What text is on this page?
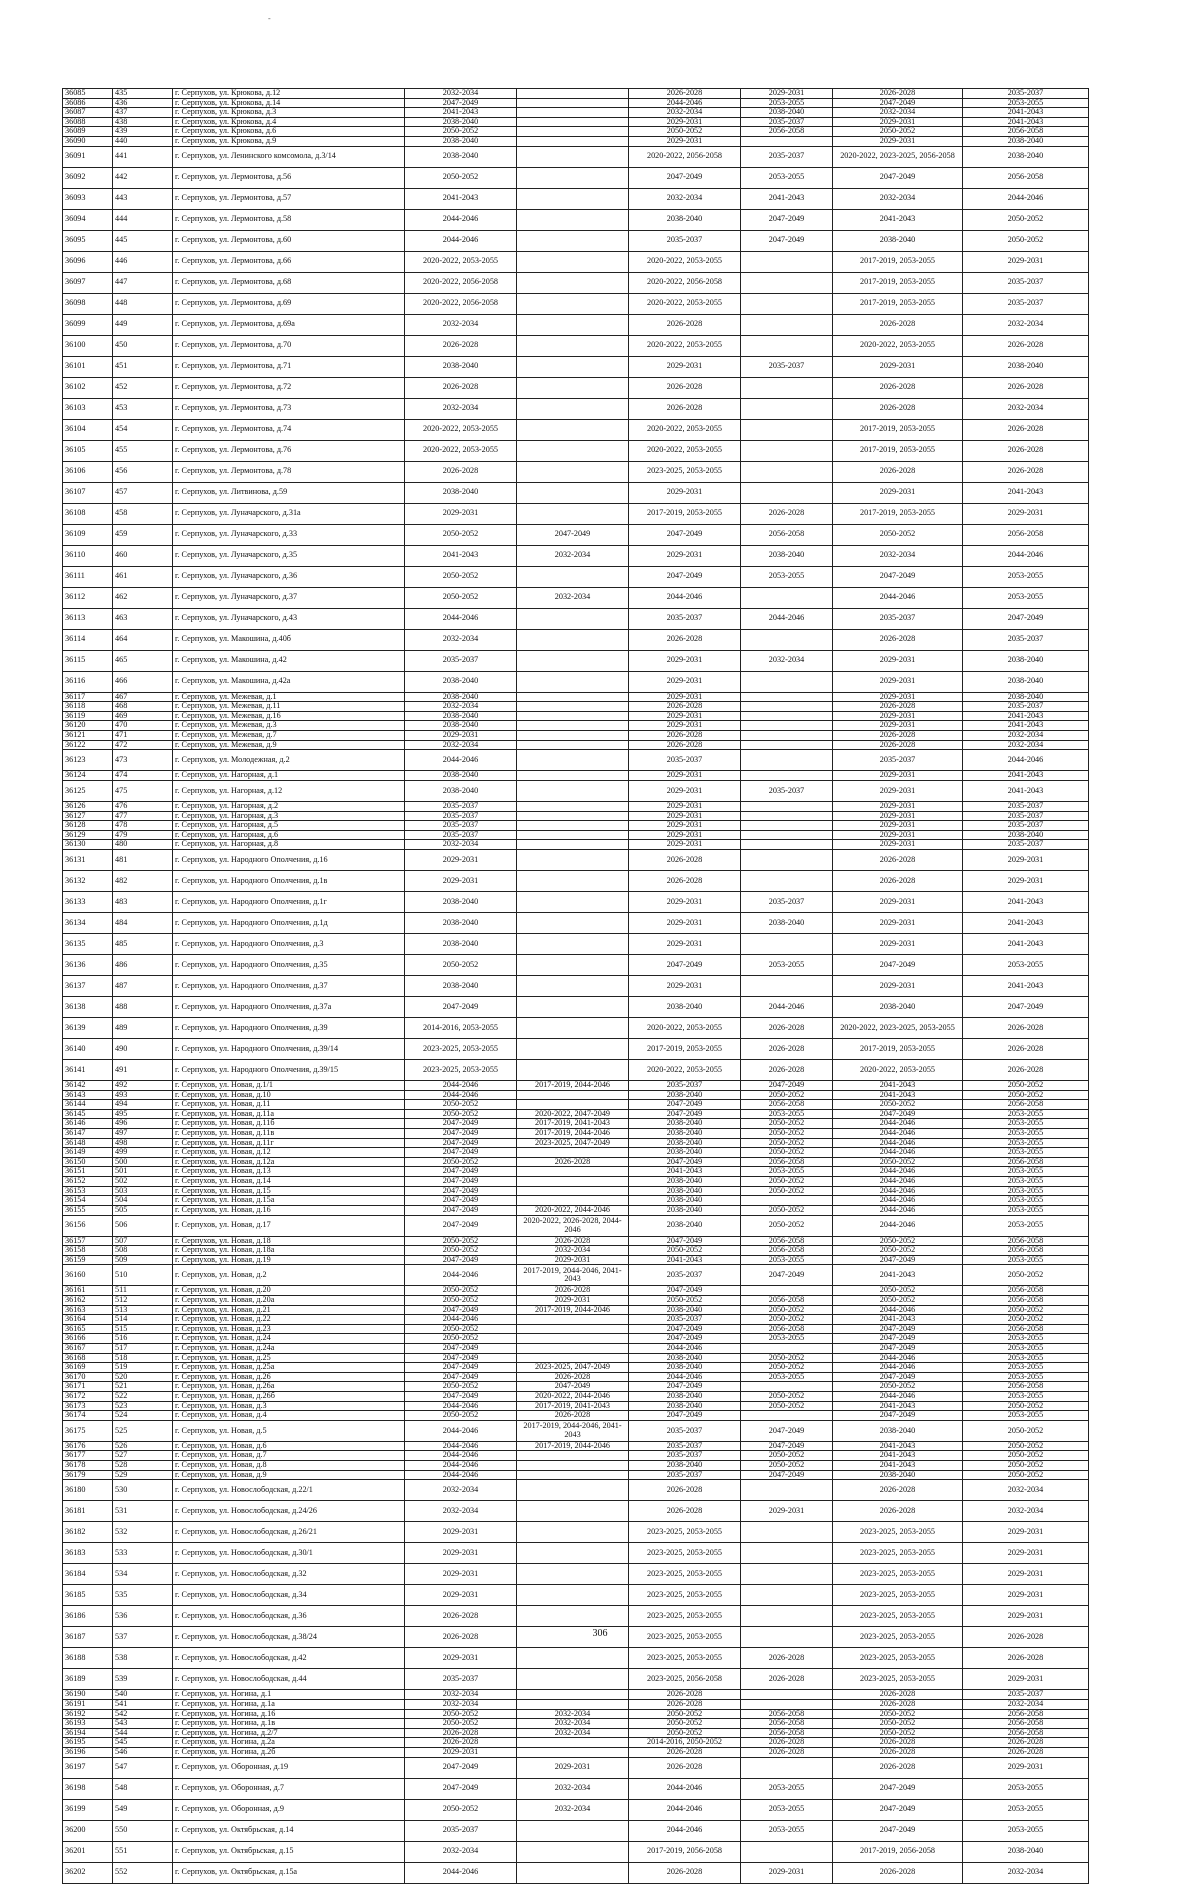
-
36085	435	г. Серпухов, ул. Крюкова, д.12	2032-2034		2026-2028	2029-2031	2026-2028	2035-2037
36086	436	г. Серпухов, ул. Крюкова, д.14	2047-2049		2044-2046	2053-2055	2047-2049	2053-2055
36087	437	г. Серпухов, ул. Крюкова, д.3	2041-2043		2032-2034	2038-2040	2032-2034	2041-2043
36088	438	г. Серпухов, ул. Крюкова, д.4	2038-2040		2029-2031	2035-2037	2029-2031	2041-2043
36089	439	г. Серпухов, ул. Крюкова, д.6	2050-2052		2050-2052	2056-2058	2050-2052	2056-2058
36090	440	г. Серпухов, ул. Крюкова, д.9	2038-2040		2029-2031		2029-2031	2038-2040
36091	441	г. Серпухов, ул. Ленинского комсомола, д.3/14	2038-2040		2020-2022, 2056-2058	2035-2037	2020-2022, 2023-2025, 2056-2058	2038-2040
36092	442	г. Серпухов, ул. Лермонтова, д.56	2050-2052		2047-2049	2053-2055	2047-2049	2056-2058
36093	443	г. Серпухов, ул. Лермонтова, д.57	2041-2043		2032-2034	2041-2043	2032-2034	2044-2046
36094	444	г. Серпухов, ул. Лермонтова, д.58	2044-2046		2038-2040	2047-2049	2041-2043	2050-2052
36095	445	г. Серпухов, ул. Лермонтова, д.60	2044-2046		2035-2037	2047-2049	2038-2040	2050-2052
36096	446	г. Серпухов, ул. Лермонтова, д.66	2020-2022, 2053-2055		2020-2022, 2053-2055		2017-2019, 2053-2055	2029-2031
36097	447	г. Серпухов, ул. Лермонтова, д.68	2020-2022, 2056-2058		2020-2022, 2056-2058		2017-2019, 2053-2055	2035-2037
36098	448	г. Серпухов, ул. Лермонтова, д.69	2020-2022, 2056-2058		2020-2022, 2053-2055		2017-2019, 2053-2055	2035-2037
36099	449	г. Серпухов, ул. Лермонтова, д.69а	2032-2034		2026-2028		2026-2028	2032-2034
36100	450	г. Серпухов, ул. Лермонтова, д.70	2026-2028		2020-2022, 2053-2055		2020-2022, 2053-2055	2026-2028
36101	451	г. Серпухов, ул. Лермонтова, д.71	2038-2040		2029-2031	2035-2037	2029-2031	2038-2040
36102	452	г. Серпухов, ул. Лермонтова, д.72	2026-2028		2026-2028		2026-2028	2026-2028
36103	453	г. Серпухов, ул. Лермонтова, д.73	2032-2034		2026-2028		2026-2028	2032-2034
36104	454	г. Серпухов, ул. Лермонтова, д.74	2020-2022, 2053-2055		2020-2022, 2053-2055		2017-2019, 2053-2055	2026-2028
36105	455	г. Серпухов, ул. Лермонтова, д.76	2020-2022, 2053-2055		2020-2022, 2053-2055		2017-2019, 2053-2055	2026-2028
36106	456	г. Серпухов, ул. Лермонтова, д.78	2026-2028		2023-2025, 2053-2055		2026-2028	2026-2028
36107	457	г. Серпухов, ул. Литвинова, д.59	2038-2040		2029-2031		2029-2031	2041-2043
36108	458	г. Серпухов, ул. Луначарского, д.31а	2029-2031		2017-2019, 2053-2055	2026-2028	2017-2019, 2053-2055	2029-2031
36109	459	г. Серпухов, ул. Луначарского, д.33	2050-2052	2047-2049	2047-2049	2056-2058	2050-2052	2056-2058
36110	460	г. Серпухов, ул. Луначарского, д.35	2041-2043	2032-2034	2029-2031	2038-2040	2032-2034	2044-2046
36111	461	г. Серпухов, ул. Луначарского, д.36	2050-2052		2047-2049	2053-2055	2047-2049	2053-2055
36112	462	г. Серпухов, ул. Луначарского, д.37	2050-2052	2032-2034	2044-2046		2044-2046	2053-2055
36113	463	г. Серпухов, ул. Луначарского, д.43	2044-2046		2035-2037	2044-2046	2035-2037	2047-2049
36114	464	г. Серпухов, ул. Макошина, д.40б	2032-2034		2026-2028		2026-2028	2035-2037
36115	465	г. Серпухов, ул. Макошина, д.42	2035-2037		2029-2031	2032-2034	2029-2031	2038-2040
36116	466	г. Серпухов, ул. Макошина, д.42а	2038-2040		2029-2031		2029-2031	2038-2040
36117	467	г. Серпухов, ул. Межевая, д.1	2038-2040		2029-2031		2029-2031	2038-2040
36118	468	г. Серпухов, ул. Межевая, д.11	2032-2034		2026-2028		2026-2028	2035-2037
36119	469	г. Серпухов, ул. Межевая, д.16	2038-2040		2029-2031		2029-2031	2041-2043
36120	470	г. Серпухов, ул. Межевая, д.3	2038-2040		2029-2031		2029-2031	2041-2043
36121	471	г. Серпухов, ул. Межевая, д.7	2029-2031		2026-2028		2026-2028	2032-2034
36122	472	г. Серпухов, ул. Межевая, д.9	2032-2034		2026-2028		2026-2028	2032-2034
36123	473	г. Серпухов, ул. Молодежная, д.2	2044-2046		2035-2037		2035-2037	2044-2046
36124	474	г. Серпухов, ул. Нагорная, д.1	2038-2040		2029-2031		2029-2031	2041-2043
36125	475	г. Серпухов, ул. Нагорная, д.12	2038-2040		2029-2031	2035-2037	2029-2031	2041-2043
36126	476	г. Серпухов, ул. Нагорная, д.2	2035-2037		2029-2031		2029-2031	2035-2037
36127	477	г. Серпухов, ул. Нагорная, д.3	2035-2037		2029-2031		2029-2031	2035-2037
36128	478	г. Серпухов, ул. Нагорная, д.5	2035-2037		2029-2031		2029-2031	2035-2037
36129	479	г. Серпухов, ул. Нагорная, д.6	2035-2037		2029-2031		2029-2031	2038-2040
36130	480	г. Серпухов, ул. Нагорная, д.8	2032-2034		2029-2031		2029-2031	2035-2037
36131	481	г. Серпухов, ул. Народного Ополчения, д.16	2029-2031		2026-2028		2026-2028	2029-2031
36132	482	г. Серпухов, ул. Народного Ополчения, д.1в	2029-2031		2026-2028		2026-2028	2029-2031
36133	483	г. Серпухов, ул. Народного Ополчения, д.1г	2038-2040		2029-2031	2035-2037	2029-2031	2041-2043
36134	484	г. Серпухов, ул. Народного Ополчения, д.1д	2038-2040		2029-2031	2038-2040	2029-2031	2041-2043
36135	485	г. Серпухов, ул. Народного Ополчения, д.3	2038-2040		2029-2031		2029-2031	2041-2043
36136	486	г. Серпухов, ул. Народного Ополчения, д.35	2050-2052		2047-2049	2053-2055	2047-2049	2053-2055
36137	487	г. Серпухов, ул. Народного Ополчения, д.37	2038-2040		2029-2031		2029-2031	2041-2043
36138	488	г. Серпухов, ул. Народного Ополчения, д.37а	2047-2049		2038-2040	2044-2046	2038-2040	2047-2049
36139	489	г. Серпухов, ул. Народного Ополчения, д.39	2014-2016, 2053-2055		2020-2022, 2053-2055	2026-2028	2020-2022, 2023-2025, 2053-2055	2026-2028
36140	490	г. Серпухов, ул. Народного Ополчения, д.39/14	2023-2025, 2053-2055		2017-2019, 2053-2055	2026-2028	2017-2019, 2053-2055	2026-2028
36141	491	г. Серпухов, ул. Народного Ополчения, д.39/15	2023-2025, 2053-2055		2020-2022, 2053-2055	2026-2028	2020-2022, 2053-2055	2026-2028
36142	492	г. Серпухов, ул. Новая, д.1/1	2044-2046	2017-2019, 2044-2046	2035-2037	2047-2049	2041-2043	2050-2052
36143	493	г. Серпухов, ул. Новая, д.10	2044-2046		2038-2040	2050-2052	2041-2043	2050-2052
36144	494	г. Серпухов, ул. Новая, д.11	2050-2052		2047-2049	2056-2058	2050-2052	2056-2058
36145	495	г. Серпухов, ул. Новая, д.11а	2050-2052	2020-2022, 2047-2049	2047-2049	2053-2055	2047-2049	2053-2055
36146	496	г. Серпухов, ул. Новая, д.11б	2047-2049	2017-2019, 2041-2043	2038-2040	2050-2052	2044-2046	2053-2055
36147	497	г. Серпухов, ул. Новая, д.11в	2047-2049	2017-2019, 2044-2046	2038-2040	2050-2052	2044-2046	2053-2055
36148	498	г. Серпухов, ул. Новая, д.11г	2047-2049	2023-2025, 2047-2049	2038-2040	2050-2052	2044-2046	2053-2055
36149	499	г. Серпухов, ул. Новая, д.12	2047-2049		2038-2040	2050-2052	2044-2046	2053-2055
36150	500	г. Серпухов, ул. Новая, д.12а	2050-2052	2026-2028	2047-2049	2056-2058	2050-2052	2056-2058
36151	501	г. Серпухов, ул. Новая, д.13	2047-2049		2041-2043	2053-2055	2044-2046	2053-2055
36152	502	г. Серпухов, ул. Новая, д.14	2047-2049		2038-2040	2050-2052	2044-2046	2053-2055
36153	503	г. Серпухов, ул. Новая, д.15	2047-2049		2038-2040	2050-2052	2044-2046	2053-2055
36154	504	г. Серпухов, ул. Новая, д.15а	2047-2049		2038-2040		2044-2046	2053-2055
36155	505	г. Серпухов, ул. Новая, д.16	2047-2049	2020-2022, 2044-2046	2038-2040	2050-2052	2044-2046	2053-2055
36156	506	г. Серпухов, ул. Новая, д.17	2047-2049	2020-2022, 2026-2028, 2044-2046	2038-2040	2050-2052	2044-2046	2053-2055
36157	507	г. Серпухов, ул. Новая, д.18	2050-2052	2026-2028	2047-2049	2056-2058	2050-2052	2056-2058
36158	508	г. Серпухов, ул. Новая, д.18а	2050-2052	2032-2034	2050-2052	2056-2058	2050-2052	2056-2058
36159	509	г. Серпухов, ул. Новая, д.19	2047-2049	2029-2031	2041-2043	2053-2055	2047-2049	2053-2055
36160	510	г. Серпухов, ул. Новая, д.2	2044-2046	2017-2019, 2044-2046, 2041-2043	2035-2037	2047-2049	2041-2043	2050-2052
36161	511	г. Серпухов, ул. Новая, д.20	2050-2052	2026-2028	2047-2049		2050-2052	2056-2058
36162	512	г. Серпухов, ул. Новая, д.20а	2050-2052	2029-2031	2050-2052	2056-2058	2050-2052	2056-2058
36163	513	г. Серпухов, ул. Новая, д.21	2047-2049	2017-2019, 2044-2046	2038-2040	2050-2052	2044-2046	2050-2052
36164	514	г. Серпухов, ул. Новая, д.22	2044-2046		2035-2037	2050-2052	2041-2043	2050-2052
36165	515	г. Серпухов, ул. Новая, д.23	2050-2052		2047-2049	2056-2058	2047-2049	2056-2058
36166	516	г. Серпухов, ул. Новая, д.24	2050-2052		2047-2049	2053-2055	2047-2049	2053-2055
36167	517	г. Серпухов, ул. Новая, д.24а	2047-2049		2044-2046		2047-2049	2053-2055
36168	518	г. Серпухов, ул. Новая, д.25	2047-2049		2038-2040	2050-2052	2044-2046	2053-2055
36169	519	г. Серпухов, ул. Новая, д.25а	2047-2049	2023-2025, 2047-2049	2038-2040	2050-2052	2044-2046	2053-2055
36170	520	г. Серпухов, ул. Новая, д.26	2047-2049	2026-2028	2044-2046	2053-2055	2047-2049	2053-2055
36171	521	г. Серпухов, ул. Новая, д.26а	2050-2052	2047-2049	2047-2049		2050-2052	2056-2058
36172	522	г. Серпухов, ул. Новая, д.26б	2047-2049	2020-2022, 2044-2046	2038-2040	2050-2052	2044-2046	2053-2055
36173	523	г. Серпухов, ул. Новая, д.3	2044-2046	2017-2019, 2041-2043	2038-2040	2050-2052	2041-2043	2050-2052
36174	524	г. Серпухов, ул. Новая, д.4	2050-2052	2026-2028	2047-2049		2047-2049	2053-2055
36175	525	г. Серпухов, ул. Новая, д.5	2044-2046	2017-2019, 2044-2046, 2041-2043	2035-2037	2047-2049	2038-2040	2050-2052
36176	526	г. Серпухов, ул. Новая, д.6	2044-2046	2017-2019, 2044-2046	2035-2037	2047-2049	2041-2043	2050-2052
36177	527	г. Серпухов, ул. Новая, д.7	2044-2046		2035-2037	2050-2052	2041-2043	2050-2052
36178	528	г. Серпухов, ул. Новая, д.8	2044-2046		2038-2040	2050-2052	2041-2043	2050-2052
36179	529	г. Серпухов, ул. Новая, д.9	2044-2046		2035-2037	2047-2049	2038-2040	2050-2052
36180	530	г. Серпухов, ул. Новослободская, д.22/1	2032-2034		2026-2028		2026-2028	2032-2034
36181	531	г. Серпухов, ул. Новослободская, д.24/26	2032-2034		2026-2028	2029-2031	2026-2028	2032-2034
36182	532	г. Серпухов, ул. Новослободская, д.26/21	2029-2031		2023-2025, 2053-2055		2023-2025, 2053-2055	2029-2031
36183	533	г. Серпухов, ул. Новослободская, д.30/1	2029-2031		2023-2025, 2053-2055		2023-2025, 2053-2055	2029-2031
36184	534	г. Серпухов, ул. Новослободская, д.32	2029-2031		2023-2025, 2053-2055		2023-2025, 2053-2055	2029-2031
36185	535	г. Серпухов, ул. Новослободская, д.34	2029-2031		2023-2025, 2053-2055		2023-2025, 2053-2055	2029-2031
36186	536	г. Серпухов, ул. Новослободская, д.36	2026-2028		2023-2025, 2053-2055		2023-2025, 2053-2055	2029-2031
36187	537	г. Серпухов, ул. Новослободская, д.38/24	2026-2028		2023-2025, 2053-2055		2023-2025, 2053-2055	2026-2028
36188	538	г. Серпухов, ул. Новослободская, д.42	2029-2031		2023-2025, 2053-2055	2026-2028	2023-2025, 2053-2055	2026-2028
36189	539	г. Серпухов, ул. Новослободская, д.44	2035-2037		2023-2025, 2056-2058	2026-2028	2023-2025, 2053-2055	2029-2031
36190	540	г. Серпухов, ул. Ногина, д.1	2032-2034		2026-2028		2026-2028	2035-2037
36191	541	г. Серпухов, ул. Ногина, д.1а	2032-2034		2026-2028		2026-2028	2032-2034
36192	542	г. Серпухов, ул. Ногина, д.16	2050-2052	2032-2034	2050-2052	2056-2058	2050-2052	2056-2058
36193	543	г. Серпухов, ул. Ногина, д.1в	2050-2052	2032-2034	2050-2052	2056-2058	2050-2052	2056-2058
36194	544	г. Серпухов, ул. Ногина, д.2/7	2026-2028	2032-2034	2050-2052	2056-2058	2050-2052	2056-2058
36195	545	г. Серпухов, ул. Ногина, д.2а	2026-2028		2014-2016, 2050-2052	2026-2028	2026-2028	2026-2028
36196	546	г. Серпухов, ул. Ногина, д.2б	2029-2031		2026-2028	2026-2028	2026-2028	2026-2028
36197	547	г. Серпухов, ул. Оборонная, д.19	2047-2049	2029-2031	2026-2028		2026-2028	2029-2031
36198	548	г. Серпухов, ул. Оборонная, д.7	2047-2049	2032-2034	2044-2046	2053-2055	2047-2049	2053-2055
36199	549	г. Серпухов, ул. Оборонная, д.9	2050-2052	2032-2034	2044-2046	2053-2055	2047-2049	2053-2055
36200	550	г. Серпухов, ул. Октябрьская, д.14	2035-2037		2044-2046	2053-2055	2047-2049	2053-2055
36201	551	г. Серпухов, ул. Октябрьская, д.15	2032-2034		2017-2019, 2056-2058		2017-2019, 2056-2058	2038-2040
36202	552	г. Серпухов, ул. Октябрьская, д.15а	2044-2046		2026-2028	2029-2031	2026-2028	2032-2034
306
